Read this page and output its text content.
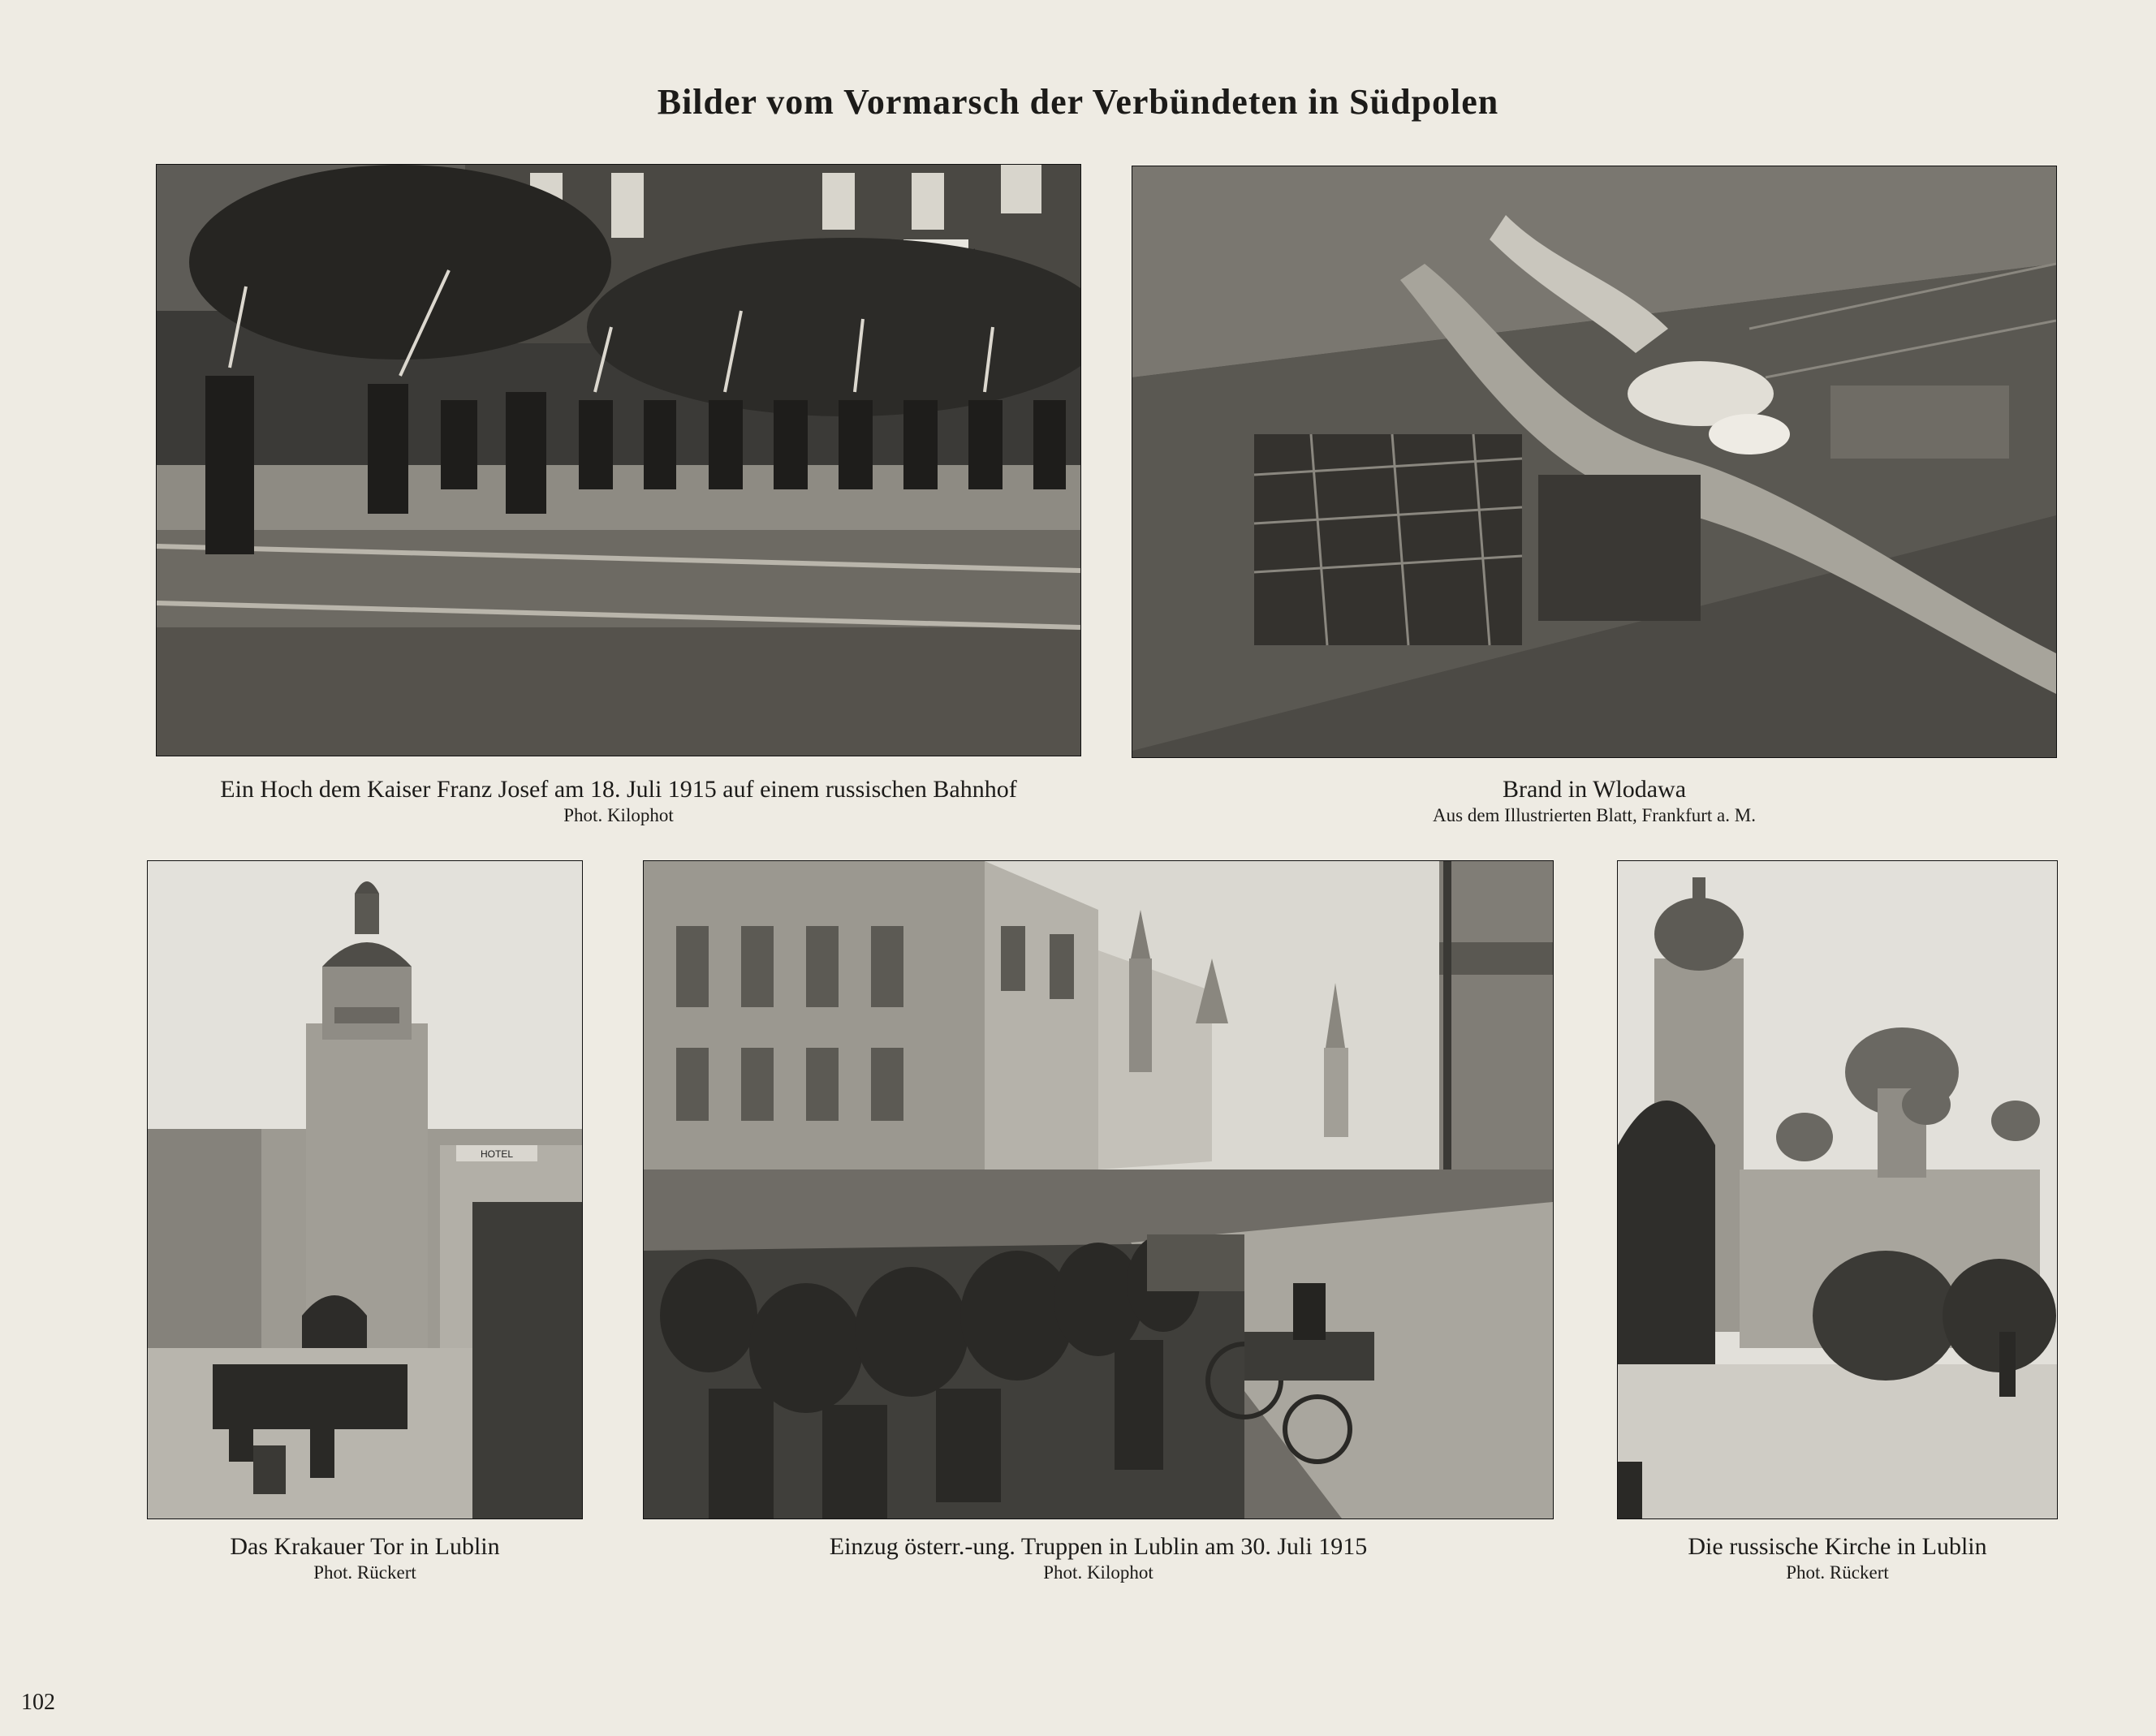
Bilder vom Vormarsch der Verbündeten in Südpolen
Ein Hoch dem Kaiser Franz Josef am 18. Juli 1915 auf einem russischen Bahnhof
Phot. Kilophot
Brand in Wlodawa
Aus dem Illustrierten Blatt, Frankfurt a. M.
HOTEL
Das Krakauer Tor in Lublin
Phot. Rückert
Einzug österr.-ung. Truppen in Lublin am 30. Juli 1915
Phot. Kilophot
Die russische Kirche in Lublin
Phot. Rückert
102
